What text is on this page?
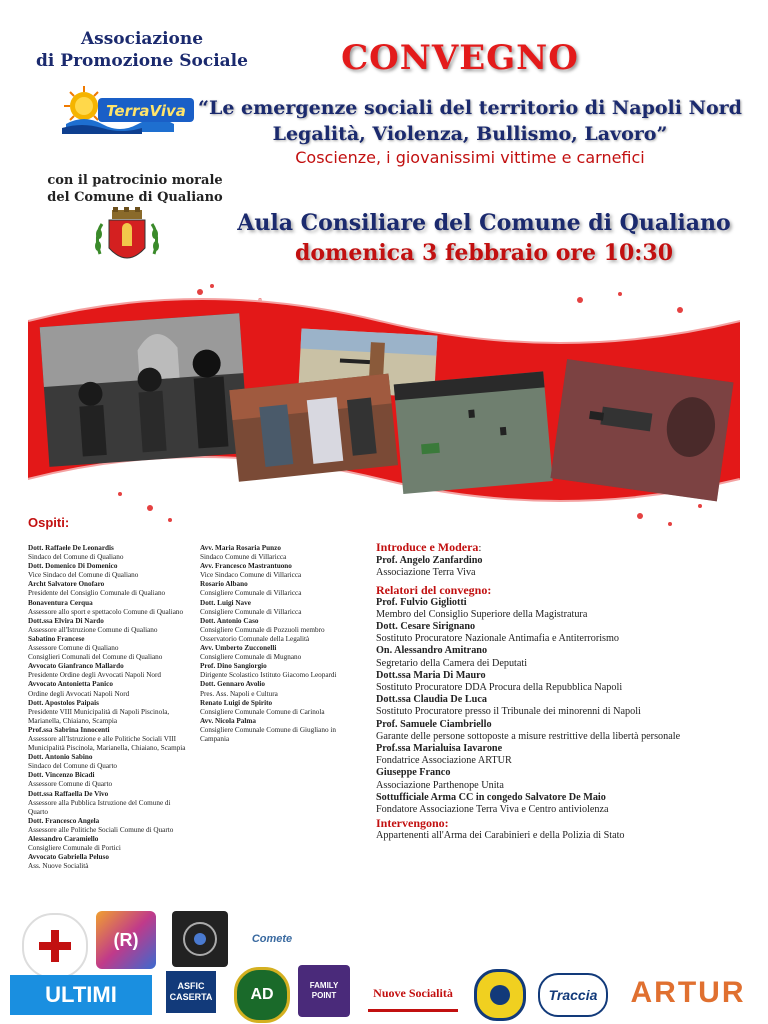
Associazione
di Promozione Sociale
TerraViva
con il patrocinio morale
del Comune di Qualiano
CONVEGNO
“Le emergenze sociali del territorio di Napoli Nord
Legalità, Violenza, Bullismo, Lavoro”
Coscienze, i giovanissimi vittime e carnefici
Aula Consiliare del Comune di Qualiano
domenica 3 febbraio ore 10:30
Ospiti:
Dott. Raffaele De Leonardis
Sindaco del Comune di Qualiano
Dott. Domenico Di Domenico
Vice Sindaco del Comune di Qualiano
Archt Salvatore Onofaro
Presidente del Consiglio Comunale di Qualiano
Bonaventura Cerqua
Assessore allo sport e spettacolo Comune di Qualiano
Dott.ssa Elvira Di Nardo
Assessore all'Istruzione Comune di Qualiano
Sabatino Francese
Assessore Comune di Qualiano
Consiglieri Comunali del Comune di Qualiano
Avvocato Gianfranco Mallardo
Presidente Ordine degli Avvocati Napoli Nord
Avvocato Antonietta Panico
Ordine degli Avvocati Napoli Nord
Dott. Apostolos Paipais
Presidente VIII Municipalità di Napoli Piscinola, Marianella, Chiaiano, Scampia
Prof.ssa Sabrina Innocenti
Assessore all'Istruzione e alle Politiche Sociali VIII Municipalità Piscinola, Marianella, Chiaiano, Scampia
Dott. Antonio Sabino
Sindaco del Comune di Quarto
Dott. Vincenzo Bicadi
Assessore Comune di Quarto
Dott.ssa Raffaella De Vivo
Assessore alla Pubblica Istruzione del Comune di Quarto
Dott. Francesco Angela
Assessore alle Politiche Sociali Comune di Quarto
Alessandro Caramiello
Consigliere Comunale di Portici
Avvocato Gabriella Peluso
Ass. Nuove Socialità
Avv. Maria Rosaria Punzo
Sindaco Comune di Villaricca
Avv. Francesco Mastrantuono
Vice Sindaco Comune di Villaricca
Rosario Albano
Consigliere Comunale di Villaricca
Dott. Luigi Nave
Consigliere Comunale di Villaricca
Dott. Antonio Caso
Consigliere Comunale di Pozzuoli membro Osservatorio Comunale della Legalità
Avv. Umberto Zucconelli
Consigliere Comunale di Mugnano
Prof. Dino Sangiorgio
Dirigente Scolastico Istituto Giacomo Leopardi
Dott. Gennaro Avolio
Pres. Ass. Napoli e Cultura
Renato Luigi de Spirito
Consigliere Comunale Comune di Carinola
Avv. Nicola Palma
Consigliere Comunale Comune di Giugliano in Campania
Introduce e Modera:
Prof. Angelo Zanfardino
Associazione Terra Viva
Relatori del convegno:
Prof. Fulvio Gigliotti
Membro del Consiglio Superiore della Magistratura
Dott. Cesare Sirignano
Sostituto Procuratore Nazionale Antimafia e Antiterrorismo
On. Alessandro Amitrano
Segretario della Camera dei Deputati
Dott.ssa Maria Di Mauro
Sostituto Procuratore DDA Procura della Repubblica Napoli
Dott.ssa Claudia De Luca
Sostituto Procuratore presso il Tribunale dei minorenni di Napoli
Prof. Samuele Ciambriello
Garante delle persone sottoposte a misure restrittive della libertà personale
Prof.ssa Marialuisa Iavarone
Fondatrice Associazione ARTUR
Giuseppe Franco
Associazione Parthenope Unita
Sottufficiale Arma CC in congedo Salvatore De Maio
Fondatore Associazione Terra Viva e Centro antiviolenza
Intervengono:
Appartenenti all'Arma dei Carabinieri e della Polizia di Stato
(R)	Comete
ULTIMI	ASFIC CASERTA	AD
FAMILY POINT	Nuove Socialità	Traccia	ARTUR
